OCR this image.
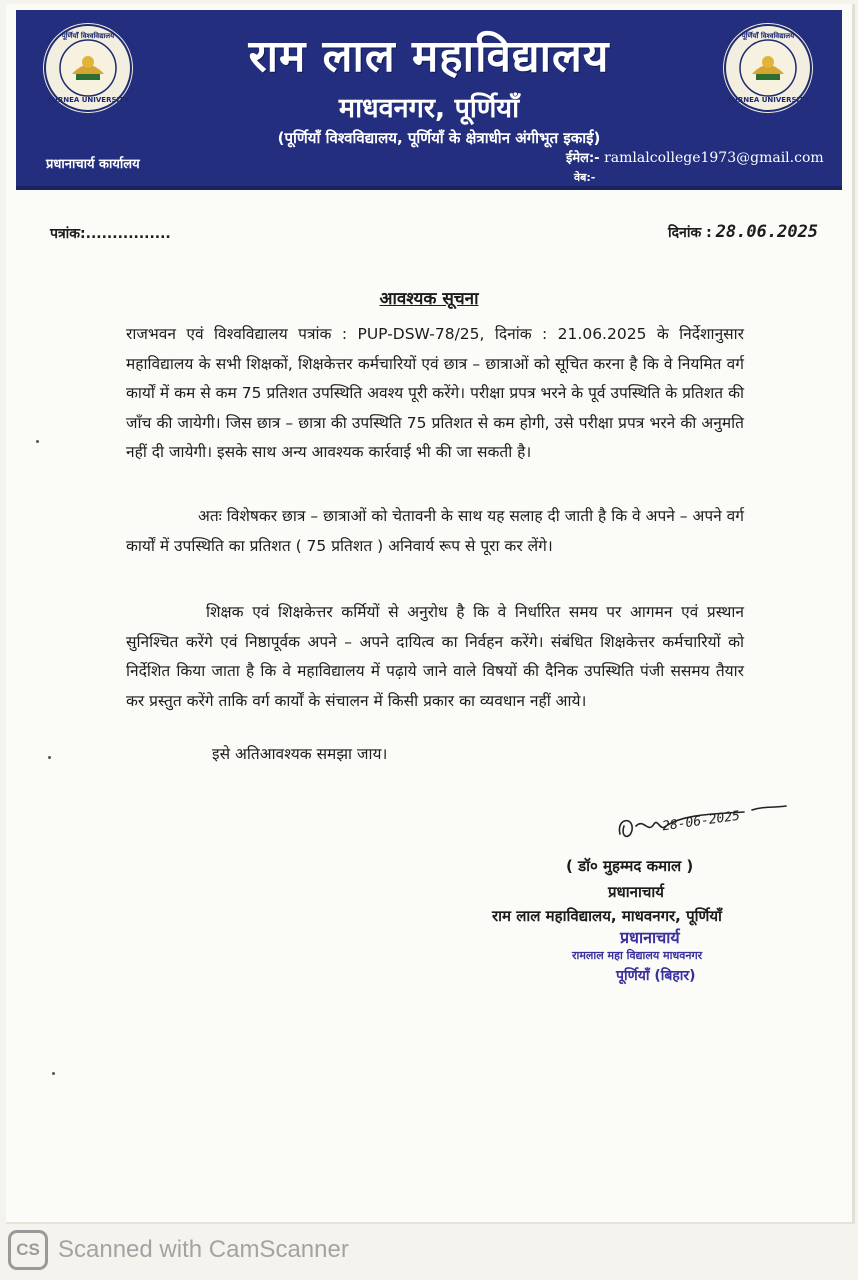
PURNEA UNIVERSITY
पूर्णियाँ विश्वविद्यालय	राम लाल महाविद्यालय
माधवनगर, पूर्णियाँ
(पूर्णियाँ विश्वविद्यालय, पूर्णियाँ के क्षेत्राधीन अंगीभूत इकाई)
PURNEA UNIVERSITY
पूर्णियाँ विश्वविद्यालय
प्रधानाचार्य कार्यालय	ईमेल:- ramlalcollege1973@gmail.com
वेब:-
पत्रांक:................	दिनांक : 28.06.2025
आवश्यक सूचना
राजभवन एवं विश्वविद्यालय पत्रांक : PUP-DSW-78/25, दिनांक : 21.06.2025 के निर्देशानुसार महाविद्यालय के सभी शिक्षकों, शिक्षकेत्तर कर्मचारियों एवं छात्र – छात्राओं को सूचित करना है कि वे नियमित वर्ग कार्यों में कम से कम 75 प्रतिशत उपस्थिति अवश्य पूरी करेंगे। परीक्षा प्रपत्र भरने के पूर्व उपस्थिति के प्रतिशत की जाँच की जायेगी। जिस छात्र – छात्रा की उपस्थिति 75 प्रतिशत से कम होगी, उसे परीक्षा प्रपत्र भरने की अनुमति नहीं दी जायेगी। इसके साथ अन्य आवश्यक कार्रवाई भी की जा सकती है।
अतः विशेषकर छात्र – छात्राओं को चेतावनी के साथ यह सलाह दी जाती है कि वे अपने – अपने वर्ग कार्यों में उपस्थिति का प्रतिशत ( 75 प्रतिशत ) अनिवार्य रूप से पूरा कर लेंगे।
शिक्षक एवं शिक्षकेत्तर कर्मियों से अनुरोध है कि वे निर्धारित समय पर आगमन एवं प्रस्थान सुनिश्चित करेंगे एवं निष्ठापूर्वक अपने – अपने दायित्व का निर्वहन करेंगे। संबंधित शिक्षकेत्तर कर्मचारियों को निर्देशित किया जाता है कि वे महाविद्यालय में पढ़ाये जाने वाले विषयों की दैनिक उपस्थिति पंजी ससमय तैयार कर प्रस्तुत करेंगे ताकि वर्ग कार्यों के संचालन में किसी प्रकार का व्यवधान नहीं आये।
इसे अतिआवश्यक समझा जाय।
28-06-2025
( डॉ० मुहम्मद कमाल )
प्रधानाचार्य
राम लाल महाविद्यालय, माधवनगर, पूर्णियाँ
प्रधानाचार्य
रामलाल महा विद्यालय माधवनगर
पूर्णियाँ (बिहार)
CS Scanned with CamScanner
